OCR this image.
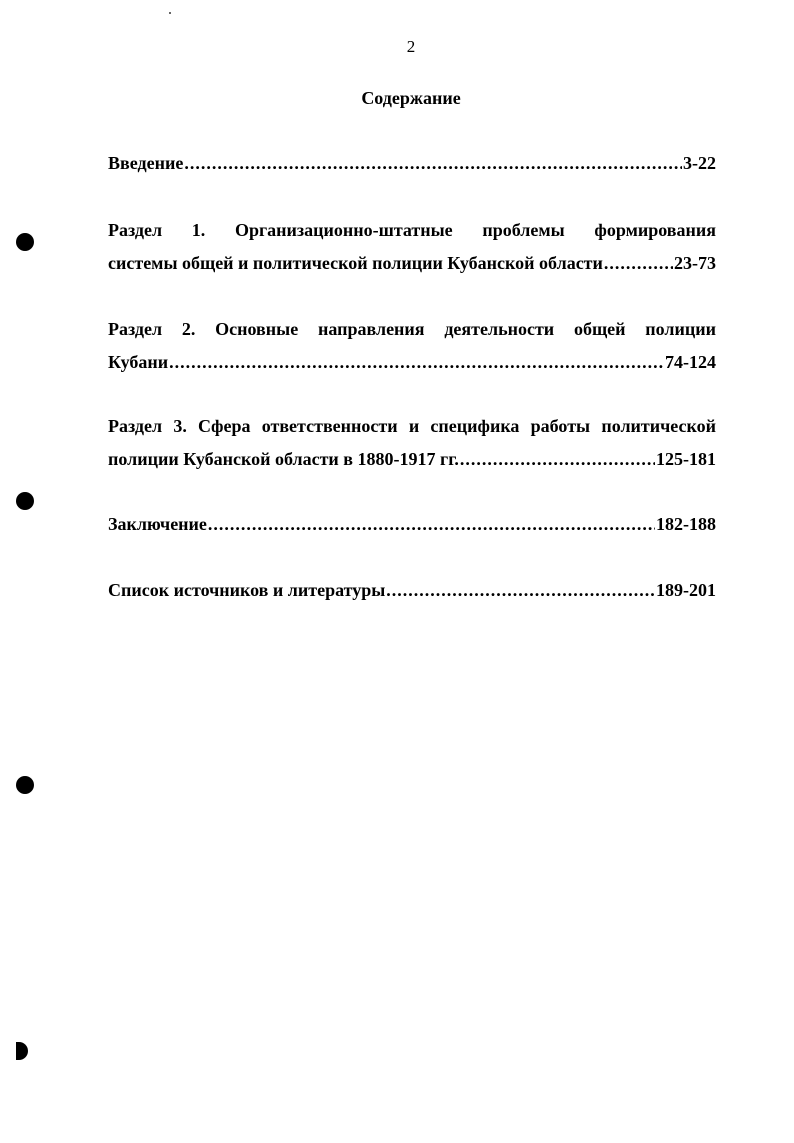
2
Содержание
Введение .....	3-22
Раздел 1. Организационно-штатные проблемы формирования
системы общей и политической полиции Кубанской области .....	23-73
Раздел 2. Основные направления деятельности общей полиции
Кубани .....	74-124
Раздел 3. Сфера ответственности и специфика работы политической
полиции Кубанской области в 1880-1917 гг. .....	125-181
Заключение .....	182-188
Список источников и литературы .....	189-201
